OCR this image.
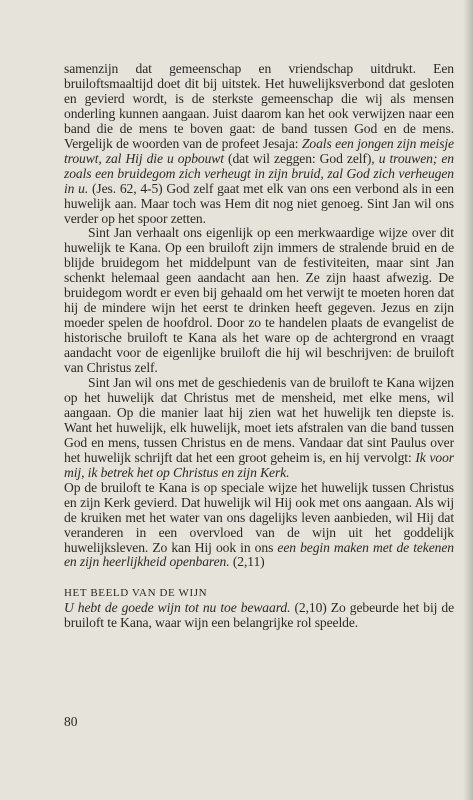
samenzijn dat gemeenschap en vriendschap uitdrukt. Een bruiloftsmaaltijd doet dit bij uitstek. Het huwelijksverbond dat gesloten en gevierd wordt, is de sterkste gemeenschap die wij als mensen onderling kunnen aangaan. Juist daarom kan het ook verwijzen naar een band die de mens te boven gaat: de band tussen God en de mens. Vergelijk de woorden van de profeet Jesaja: Zoals een jongen zijn meisje trouwt, zal Hij die u opbouwt (dat wil zeggen: God zelf), u trouwen; en zoals een bruidegom zich verheugt in zijn bruid, zal God zich verheugen in u. (Jes. 62, 4-5) God zelf gaat met elk van ons een verbond als in een huwelijk aan. Maar toch was Hem dit nog niet genoeg. Sint Jan wil ons verder op het spoor zetten.

Sint Jan verhaalt ons eigenlijk op een merkwaardige wijze over dit huwelijk te Kana. Op een bruiloft zijn immers de stralende bruid en de blijde bruidegom het middelpunt van de festiviteiten, maar sint Jan schenkt helemaal geen aandacht aan hen. Ze zijn haast afwezig. De bruidegom wordt er even bij gehaald om het verwijt te moeten horen dat hij de mindere wijn het eerst te drinken heeft gegeven. Jezus en zijn moeder spelen de hoofdrol. Door zo te handelen plaats de evangelist de historische bruiloft te Kana als het ware op de achtergrond en vraagt aandacht voor de eigenlijke bruiloft die hij wil beschrijven: de bruiloft van Christus zelf.

Sint Jan wil ons met de geschiedenis van de bruiloft te Kana wijzen op het huwelijk dat Christus met de mensheid, met elke mens, wil aangaan. Op die manier laat hij zien wat het huwelijk ten diepste is. Want het huwelijk, elk huwelijk, moet iets afstralen van die band tussen God en mens, tussen Christus en de mens. Vandaar dat sint Paulus over het huwelijk schrijft dat het een groot geheim is, en hij vervolgt: Ik voor mij, ik betrek het op Christus en zijn Kerk.

Op de bruiloft te Kana is op speciale wijze het huwelijk tussen Christus en zijn Kerk gevierd. Dat huwelijk wil Hij ook met ons aangaan. Als wij de kruiken met het water van ons dagelijks leven aanbieden, wil Hij dat veranderen in een overvloed van de wijn uit het goddelijk huwelijksleven. Zo kan Hij ook in ons een begin maken met de tekenen en zijn heerlijkheid openbaren. (2,11)

HET BEELD VAN DE WIJN

U hebt de goede wijn tot nu toe bewaard. (2,10) Zo gebeurde het bij de bruiloft te Kana, waar wijn een belangrijke rol speelde.

80
